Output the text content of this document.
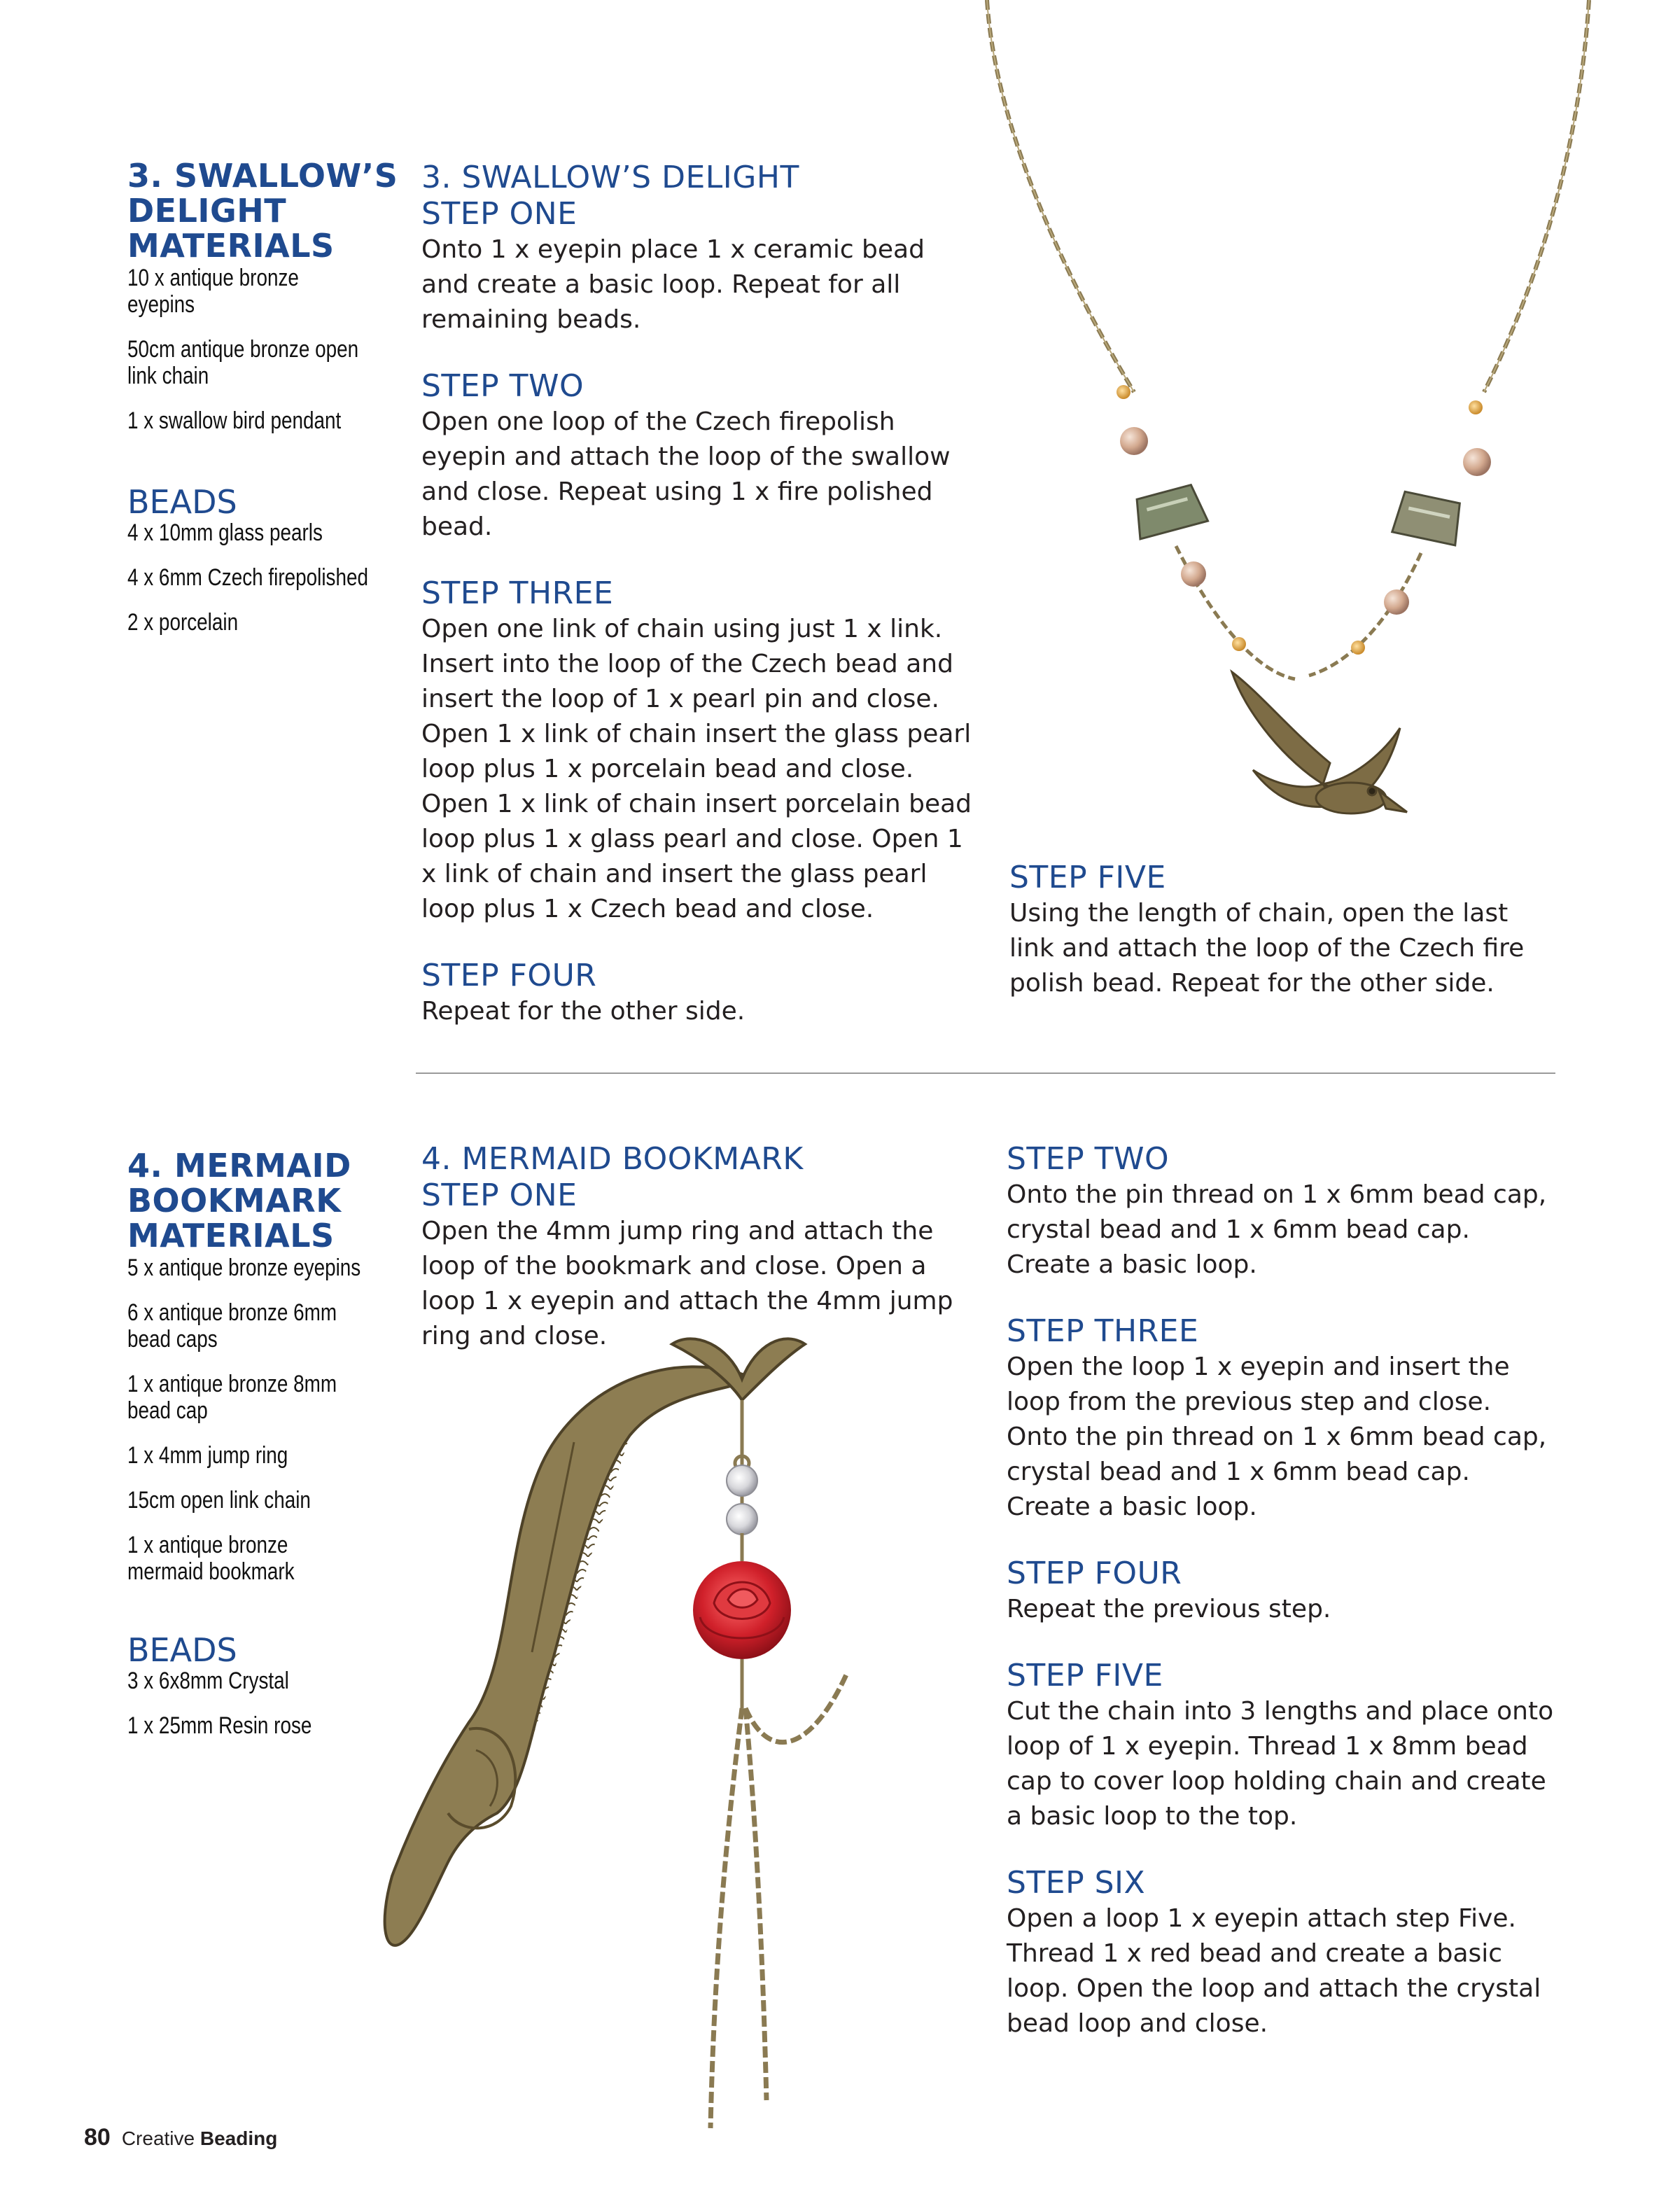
3. SWALLOW’S
DELIGHT
MATERIALS
10 x antique bronze eyepins
50cm antique bronze open link chain
1 x swallow bird pendant
BEADS
4 x 10mm glass pearls
4 x 6mm Czech firepolished
2 x porcelain
3. SWALLOW’S DELIGHT
STEP ONE

Onto 1 x eyepin place 1 x ceramic bead and create a basic loop. Repeat for all remaining beads.

STEP TWO

Open one loop of the Czech firepolish eyepin and attach the loop of the swallow and close. Repeat using 1 x fire polished bead.

STEP THREE

Open one link of chain using just 1 x link. Insert into the loop of the Czech bead and insert the loop of 1 x pearl pin and close. Open 1 x link of chain insert the glass pearl loop plus 1 x porcelain bead and close. Open 1 x link of chain insert porcelain bead loop plus 1 x glass pearl and close. Open 1 x link of chain and insert the glass pearl loop plus 1 x Czech bead and close.

STEP FOUR

Repeat for the other side.

STEP FIVE

Using the length of chain, open the last link and attach the loop of the Czech fire polish bead. Repeat for the other side.

4. MERMAID
BOOKMARK
MATERIALS
5 x antique bronze eyepins
6 x antique bronze 6mm bead caps
1 x antique bronze 8mm bead cap
1 x 4mm jump ring
15cm open link chain
1 x antique bronze mermaid bookmark
BEADS
3 x 6x8mm Crystal
1 x 25mm Resin rose
4. MERMAID BOOKMARK
STEP ONE

Open the 4mm jump ring and attach the loop of the bookmark and close. Open a loop 1 x eyepin and attach the 4mm jump ring and close.

STEP TWO

Onto the pin thread on 1 x 6mm bead cap, crystal bead and 1 x 6mm bead cap. Create a basic loop.

STEP THREE

Open the loop 1 x eyepin and insert the loop from the previous step and close. Onto the pin thread on 1 x 6mm bead cap, crystal bead and 1 x 6mm bead cap. Create a basic loop.

STEP FOUR

Repeat the previous step.

STEP FIVE

Cut the chain into 3 lengths and place onto loop of 1 x eyepin. Thread 1 x 8mm bead cap to cover loop holding chain and create a basic loop to the top.

STEP SIX

Open a loop 1 x eyepin attach step Five. Thread 1 x red bead and create a basic loop. Open the loop and attach the crystal bead loop and close.

80 Creative Beading
